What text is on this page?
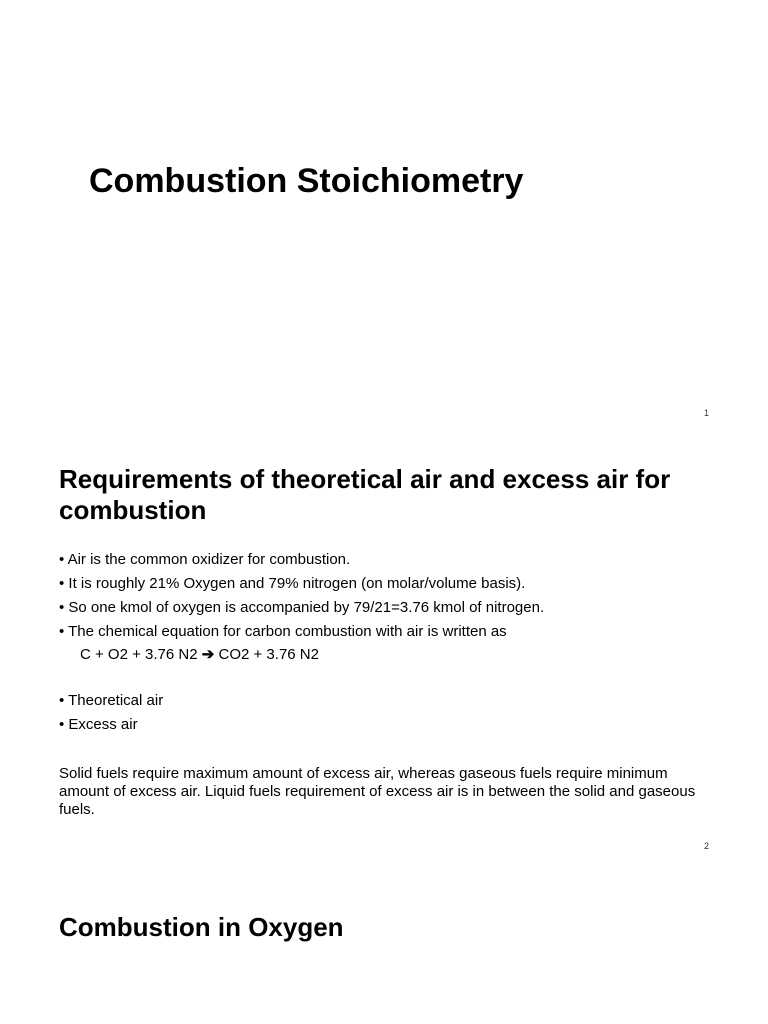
Combustion Stoichiometry
1
Requirements of theoretical air and excess air for combustion
• Air is the common oxidizer for combustion.
• It is roughly 21% Oxygen and 79% nitrogen (on molar/volume basis).
• So one kmol of oxygen is accompanied by 79/21=3.76 kmol of nitrogen.
• The chemical equation for carbon combustion with air is written as
C + O2 + 3.76 N2 ➔ CO2 + 3.76 N2
• Theoretical air
• Excess air

Solid fuels require maximum amount of excess air, whereas gaseous fuels require minimum amount of excess air. Liquid fuels requirement of excess air is in between the solid and gaseous fuels.

2
Combustion in Oxygen
